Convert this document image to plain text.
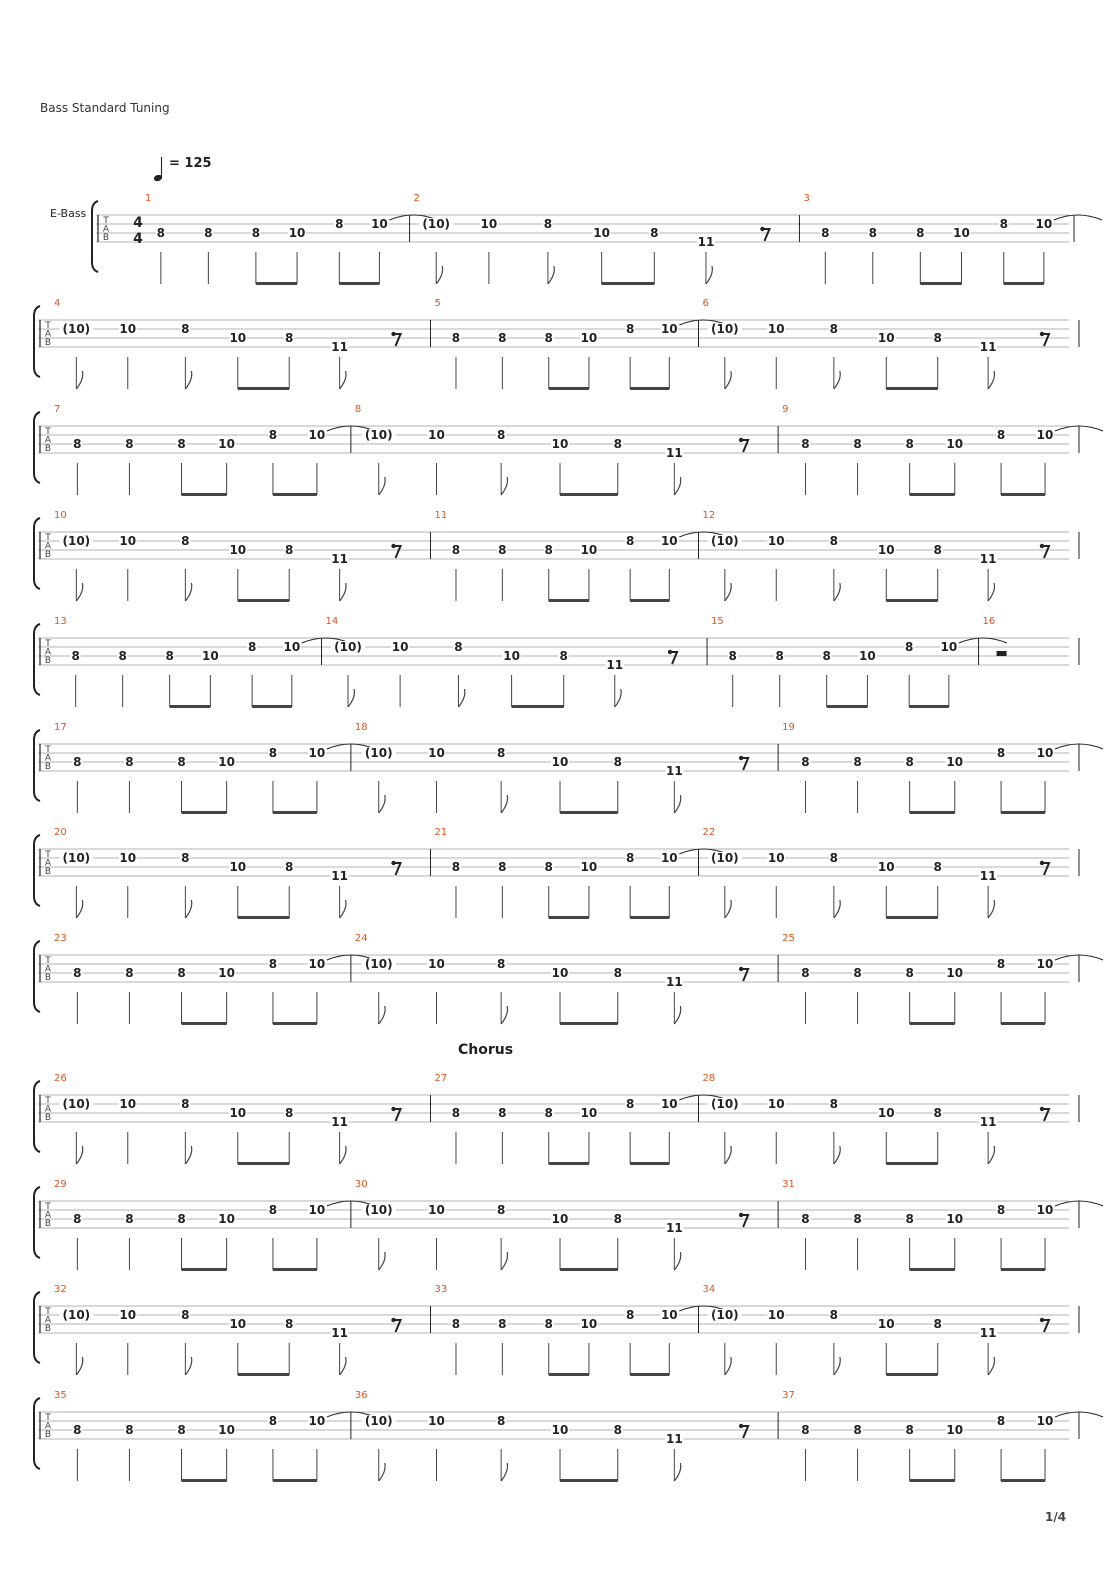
Bass Standard Tuning
E-Bass
= 125
Chorus
1/4
T
A
B
4
4
1
8	8	8 10
8 10
2
(10)	10	8
10	8
11
3
8	8	8 10
8 10
T
A
B
4
(10) 10	8
10	8
11
5
8	8	8 10
8 10
6
(10) 10	8
10	8
11
T
A
B
7
8	8	8	10
8	10
8
(10)	10	8
10	8
11
9
8	8	8	10
8	10
T
A
B
10
(10) 10	8
10	8
11
11
8	8	8 10
8 10
12
(10) 10	8
10	8
11
T
A
B
13
8	8	8 10
8 10
14
(10) 10	8
10	8
11
15
8	8	8 10
8 10
16
T
A
B
17
8	8	8	10
8	10
18
(10)	10	8
10	8
11
19
8	8	8	10
8	10
T
A
B
20
(10) 10	8
10	8
11
21
8	8	8 10
8 10
22
(10) 10	8
10	8
11
T
A
B
23
8	8	8	10
8	10
24
(10)	10	8
10	8
11
25
8	8	8	10
8	10
T
A
B
26
(10) 10	8
10	8
11
27
8	8	8 10
8 10
28
(10) 10	8
10	8
11
T
A
B
29
8	8	8	10
8	10
30
(10)	10	8
10	8
11
31
8	8	8	10
8	10
T
A
B
32
(10) 10	8
10	8
11
33
8	8	8 10
8 10
34
(10) 10	8
10	8
11
T
A
B
35
8	8	8	10
8	10
36
(10)	10	8
10	8
11
37
8	8	8	10
8	10
